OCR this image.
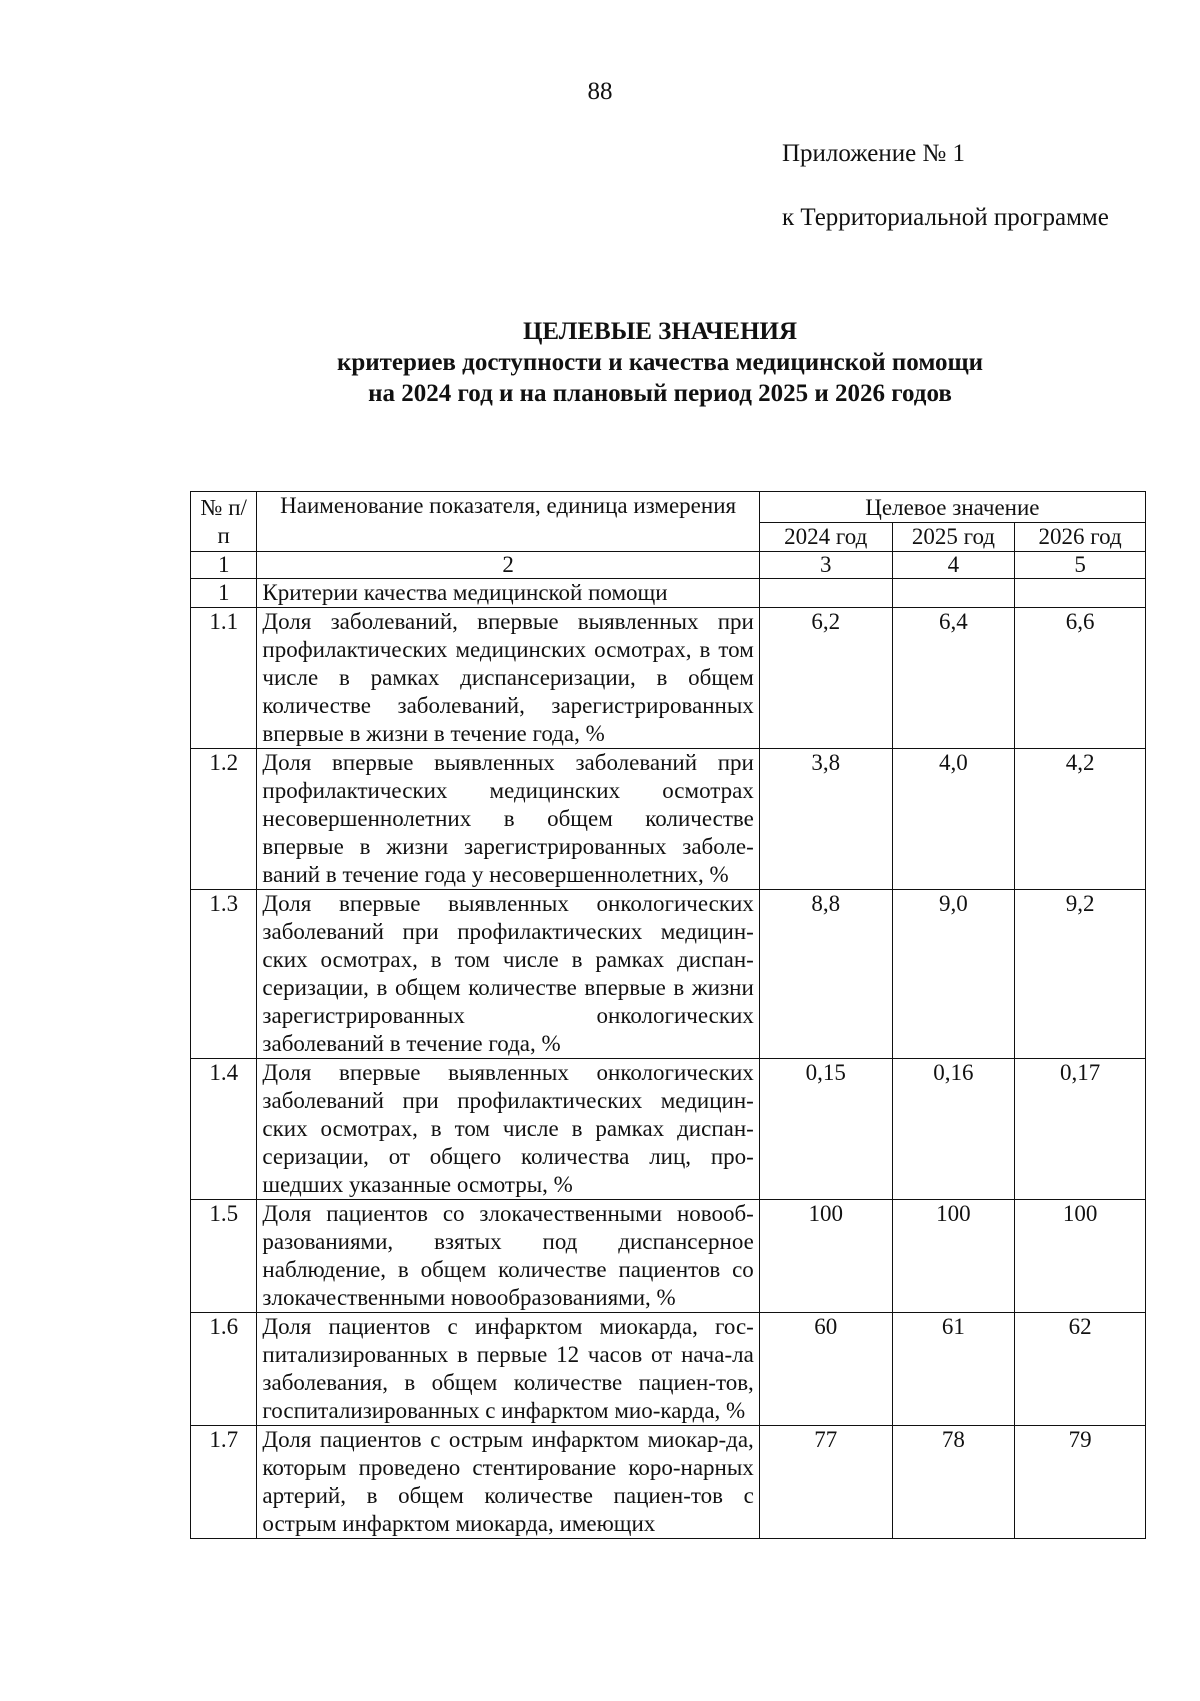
88
Приложение № 1
к Территориальной программе
ЦЕЛЕВЫЕ ЗНАЧЕНИЯ
критериев доступности и качества медицинской помощи
на 2024 год и на плановый период 2025 и 2026 годов
№ п/п	Наименование показателя, единица измерения	Целевое значение		
		2024 год	2025 год	2026 год
1	2	3	4	5
1	Критерии качества медицинской помощи			
1.1	Доля заболеваний, впервые выявленных при профилактических медицинских осмотрах, в том числе в рамках диспансеризации, в общем количестве заболеваний, зарегистрированных впервые в жизни в течение года, %	6,2	6,4	6,6
1.2	Доля впервые выявленных заболеваний при профилактических медицинских осмотрах несовершеннолетних в общем количестве впервые в жизни зарегистрированных заболе-ваний в течение года у несовершеннолетних, %	3,8	4,0	4,2
1.3	Доля впервые выявленных онкологических заболеваний при профилактических медицин-ских осмотрах, в том числе в рамках диспан-серизации, в общем количестве впервые в жизни зарегистрированных онкологических заболеваний в течение года, %	8,8	9,0	9,2
1.4	Доля впервые выявленных онкологических заболеваний при профилактических медицин-ских осмотрах, в том числе в рамках диспан-серизации, от общего количества лиц, про-шедших указанные осмотры, %	0,15	0,16	0,17
1.5	Доля пациентов со злокачественными новооб-разованиями, взятых под диспансерное наблюдение, в общем количестве пациентов со злокачественными новообразованиями, %	100	100	100
1.6	Доля пациентов с инфарктом миокарда, гос-питализированных в первые 12 часов от нача-ла заболевания, в общем количестве пациен-тов, госпитализированных с инфарктом мио-карда, %	60	61	62
1.7	Доля пациентов с острым инфарктом миокар-да, которым проведено стентирование коро-нарных артерий, в общем количестве пациен-тов с острым инфарктом миокарда, имеющих	77	78	79
